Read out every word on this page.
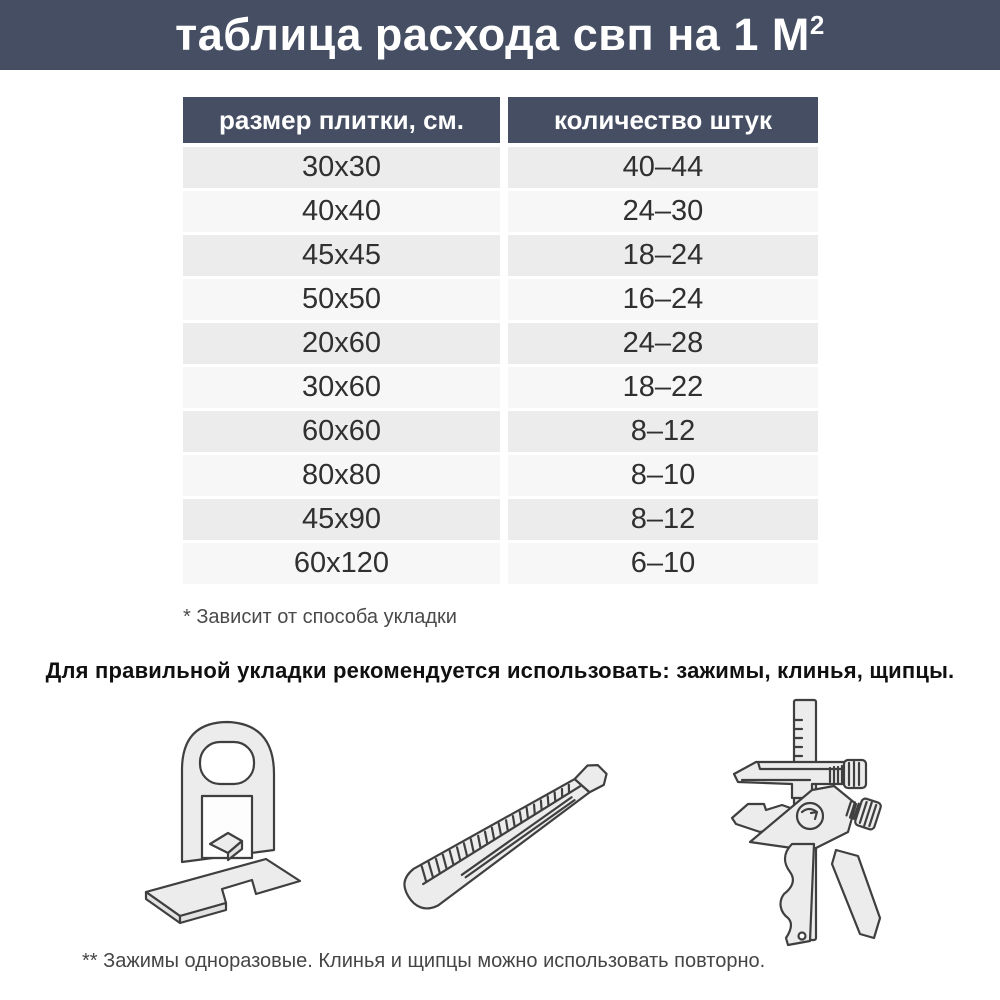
таблица расхода свп на 1 $М^2$
размер плитки, см.	количество штук
30x30	40–44
40x40	24–30
45x45	18–24
50x50	16–24
20x60	24–28
30x60	18–22
60x60	8–12
80x80	8–10
45x90	8–12
60x120	6–10
* Зависит от способа укладки
Для правильной укладки рекомендуется использовать: зажимы, клинья, щипцы.
** Зажимы одноразовые. Клинья и щипцы можно использовать повторно.
